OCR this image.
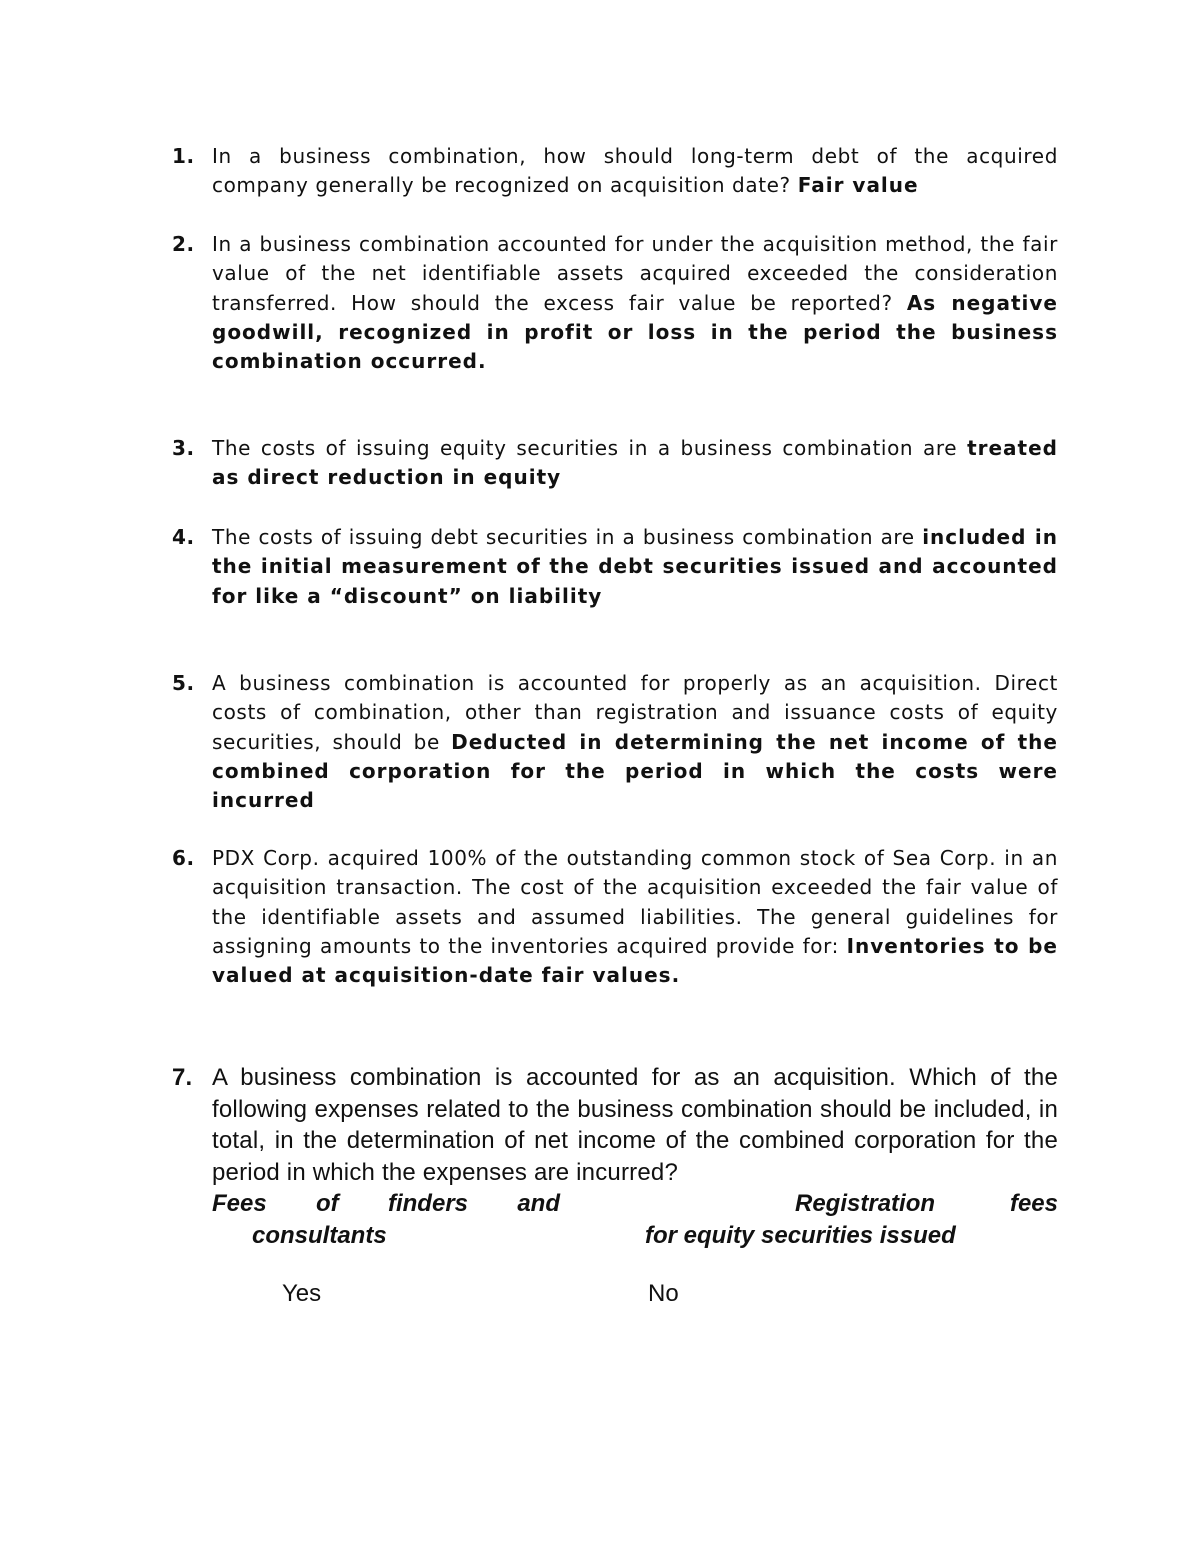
1. In a business combination, how should long-term debt of the acquired company generally be recognized on acquisition date? Fair value
2. In a business combination accounted for under the acquisition method, the fair value of the net identifiable assets acquired exceeded the consideration transferred. How should the excess fair value be reported? As negative goodwill, recognized in profit or loss in the period the business combination occurred.
3. The costs of issuing equity securities in a business combination are treated as direct reduction in equity
4. The costs of issuing debt securities in a business combination are included in the initial measurement of the debt securities issued and accounted for like a “discount” on liability
5. A business combination is accounted for properly as an acquisition. Direct costs of combination, other than registration and issuance costs of equity securities, should be Deducted in determining the net income of the combined corporation for the period in which the costs were incurred
6. PDX Corp. acquired 100% of the outstanding common stock of Sea Corp. in an acquisition transaction. The cost of the acquisition exceeded the fair value of the identifiable assets and assumed liabilities. The general guidelines for assigning amounts to the inventories acquired provide for: Inventories to be valued at acquisition-date fair values.
7. A business combination is accounted for as an acquisition. Which of the following expenses related to the business combination should be included, in total, in the determination of net income of the combined corporation for the period in which the expenses are incurred?
Fees of finders and
consultants
Registration	fees
for equity securities issued
Yes	No
